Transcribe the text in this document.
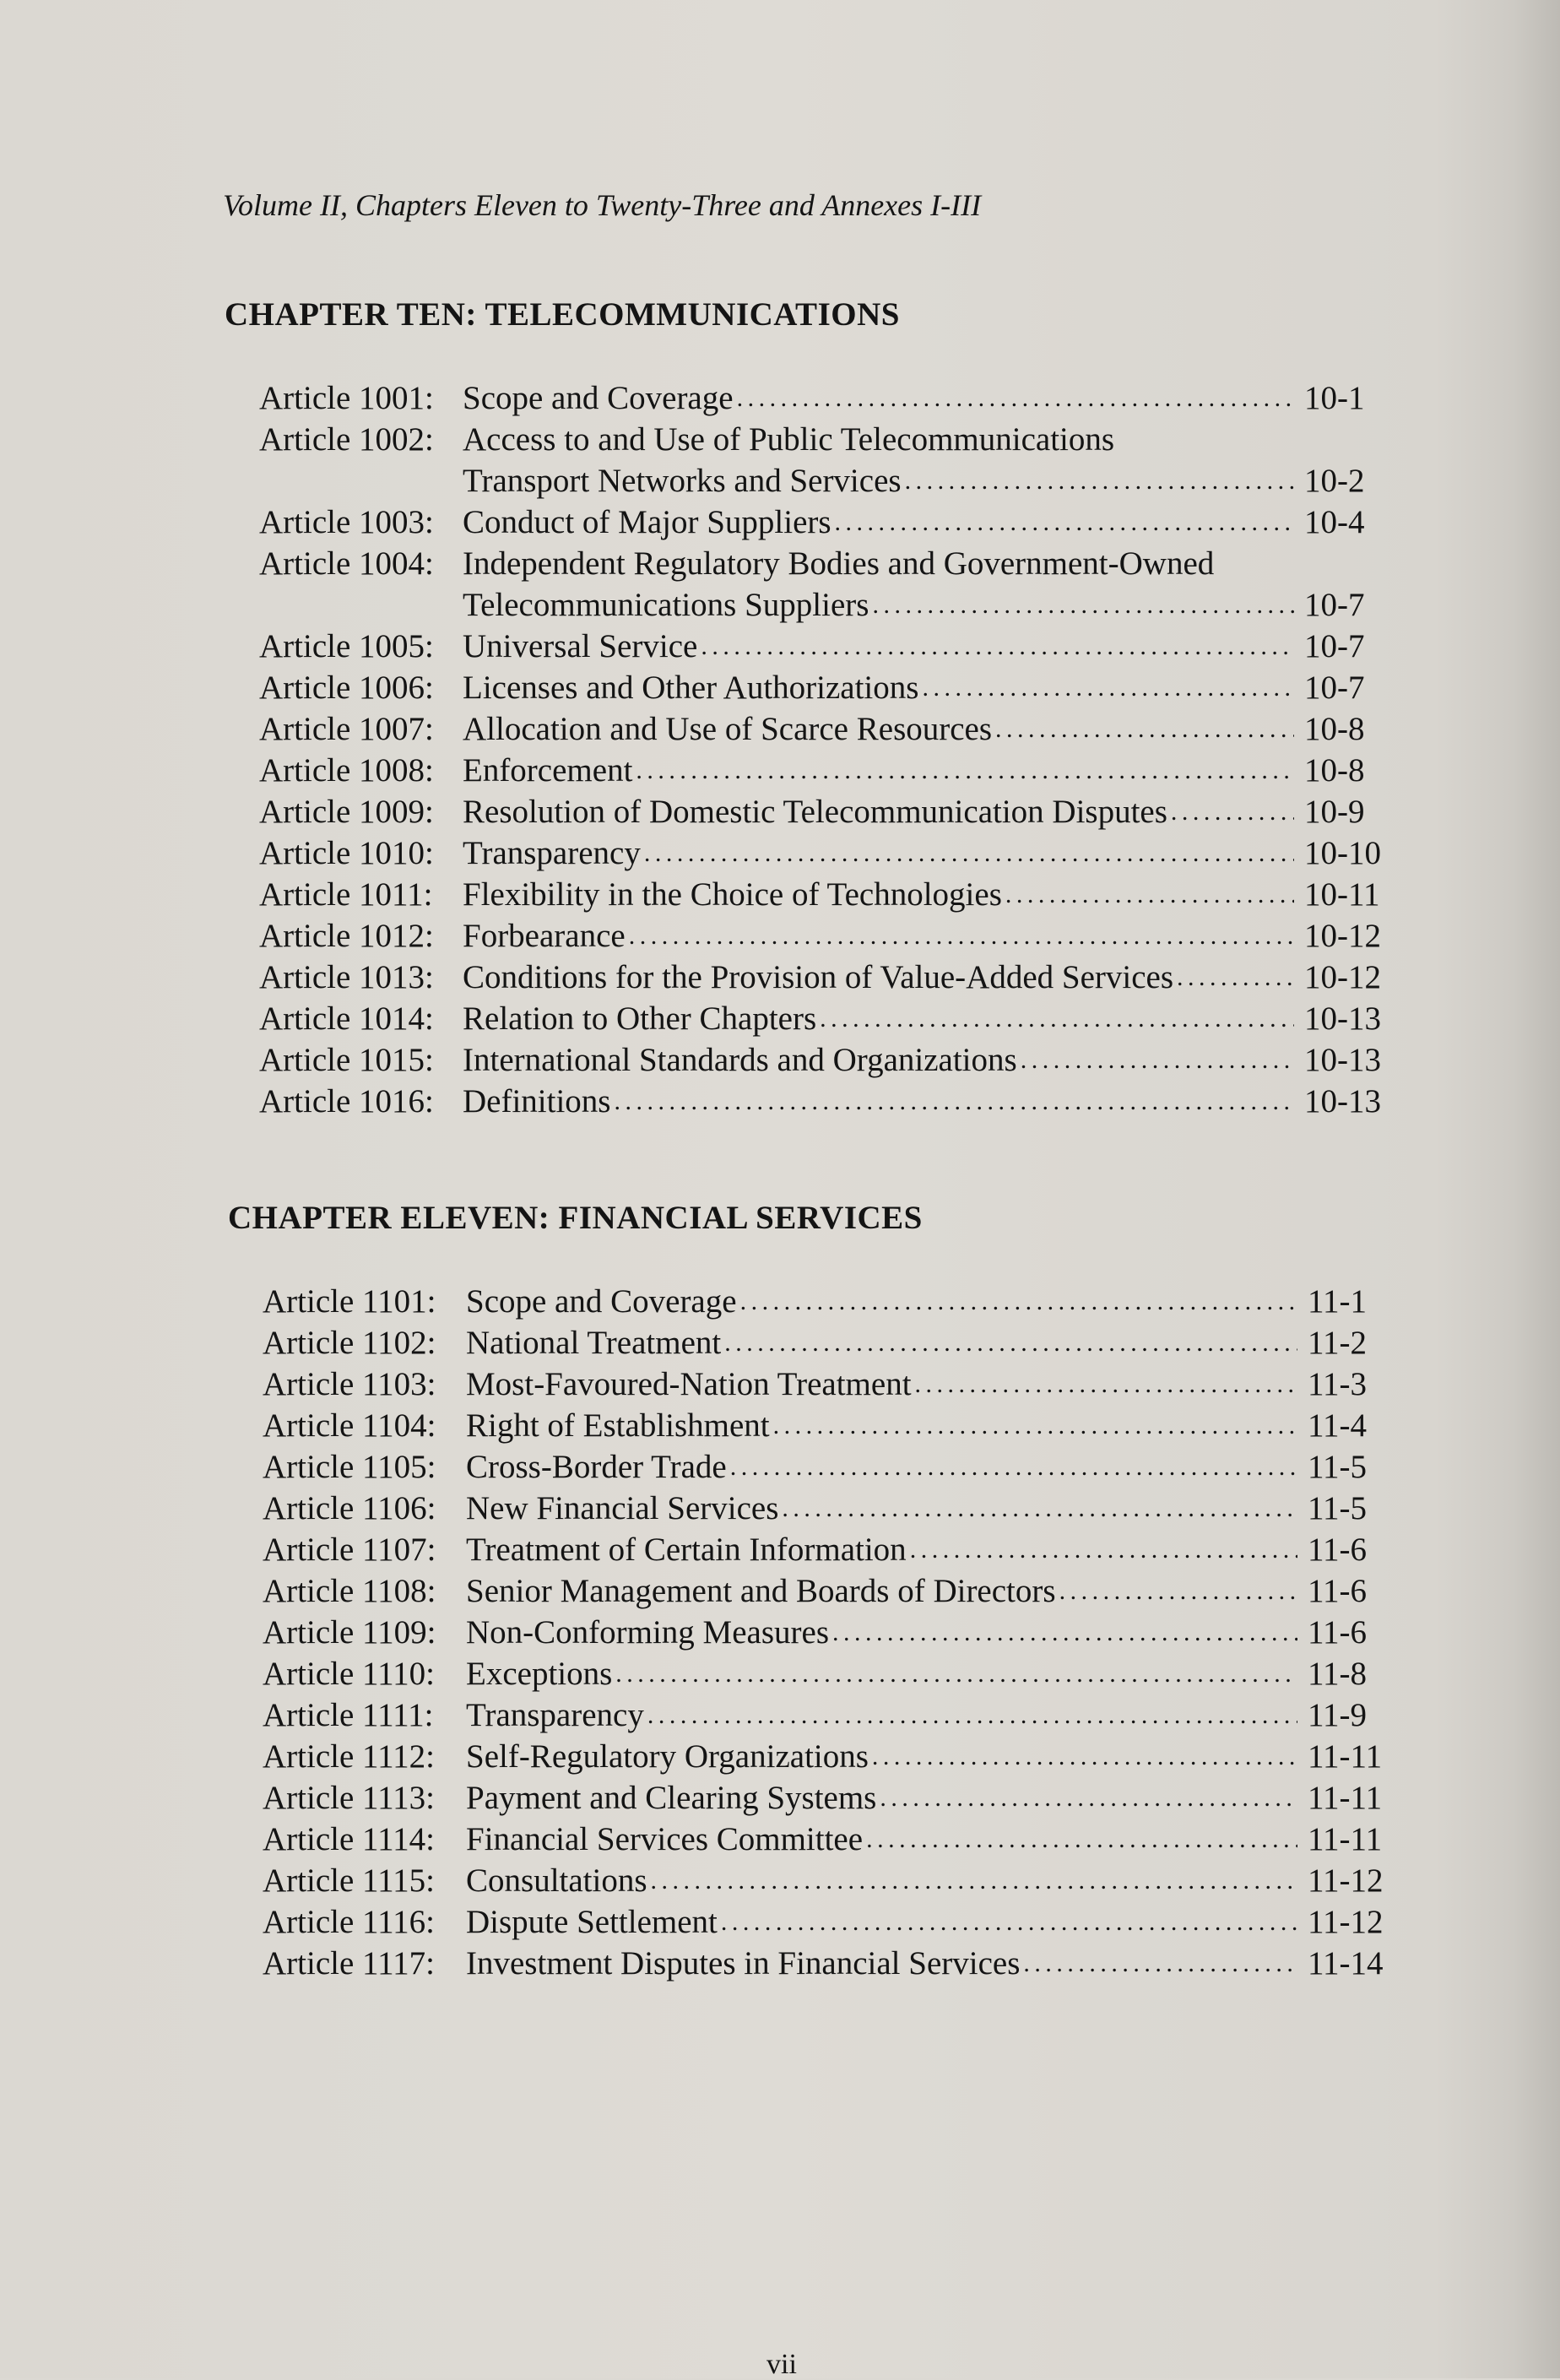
Volume II, Chapters Eleven to Twenty-Three and Annexes I-III
CHAPTER TEN: TELECOMMUNICATIONS
Article 1001: Scope and Coverage . . .	10-1
Article 1002: Access to and Use of Public Telecommunications
Transport Networks and Services . . .	10-2
Article 1003: Conduct of Major Suppliers . . .	10-4
Article 1004: Independent Regulatory Bodies and Government-Owned
Telecommunications Suppliers . . .	10-7
Article 1005: Universal Service . . .	10-7
Article 1006: Licenses and Other Authorizations . . .	10-7
Article 1007: Allocation and Use of Scarce Resources . . .	10-8
Article 1008: Enforcement . . .	10-8
Article 1009: Resolution of Domestic Telecommunication Disputes . . .	10-9
Article 1010: Transparency . . .	10-10
Article 1011: Flexibility in the Choice of Technologies . . .	10-11
Article 1012: Forbearance . . .	10-12
Article 1013: Conditions for the Provision of Value-Added Services . . .	10-12
Article 1014: Relation to Other Chapters . . .	10-13
Article 1015: International Standards and Organizations . . .	10-13
Article 1016: Definitions . . .	10-13
CHAPTER ELEVEN: FINANCIAL SERVICES
Article 1101: Scope and Coverage . . .	11-1
Article 1102: National Treatment . . .	11-2
Article 1103: Most-Favoured-Nation Treatment . . .	11-3
Article 1104: Right of Establishment . . .	11-4
Article 1105: Cross-Border Trade . . .	11-5
Article 1106: New Financial Services . . .	11-5
Article 1107: Treatment of Certain Information . . .	11-6
Article 1108: Senior Management and Boards of Directors . . .	11-6
Article 1109: Non-Conforming Measures . . .	11-6
Article 1110: Exceptions . . .	11-8
Article 1111: Transparency . . .	11-9
Article 1112: Self-Regulatory Organizations . . .	11-11
Article 1113: Payment and Clearing Systems . . .	11-11
Article 1114: Financial Services Committee . . .	11-11
Article 1115: Consultations . . .	11-12
Article 1116: Dispute Settlement . . .	11-12
Article 1117: Investment Disputes in Financial Services . . .	11-14
vii
